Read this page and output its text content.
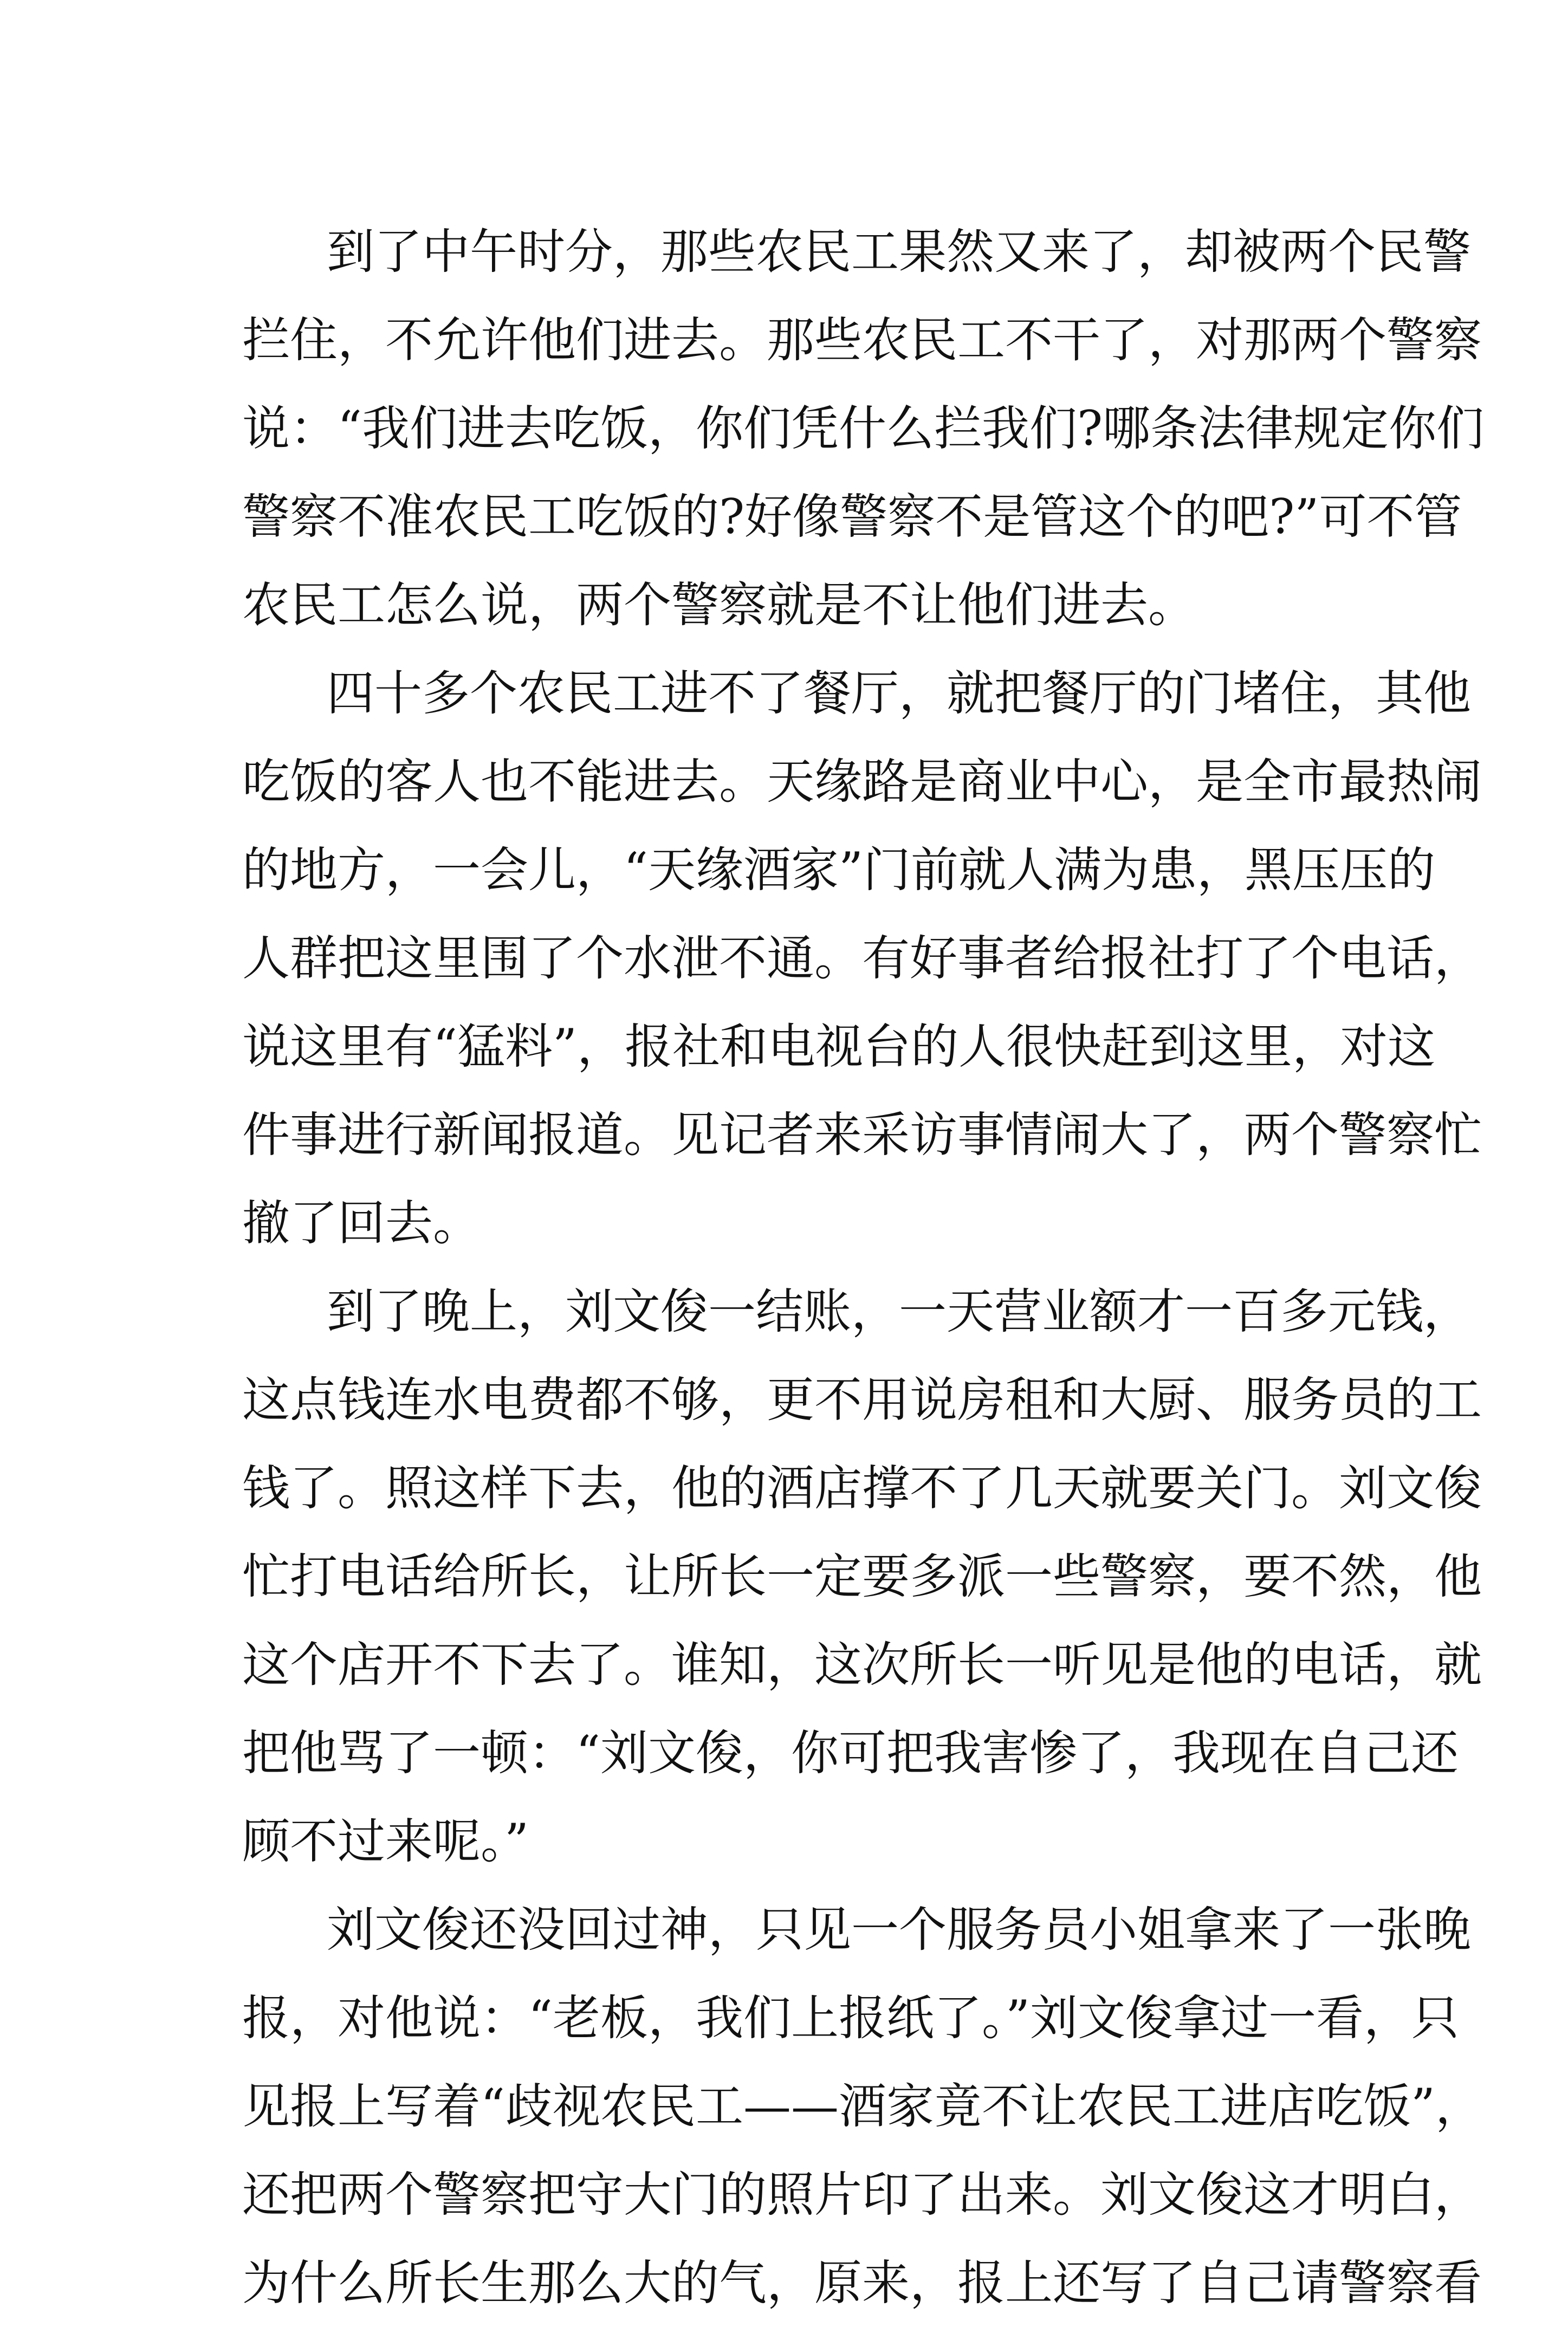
到了中午时分，那些农民工果然又来了，却被两个民警
拦住，不允许他们进去。那些农民工不干了，对那两个警察
说：“我们进去吃饭，你们凭什么拦我们?哪条法律规定你们
警察不准农民工吃饭的?好像警察不是管这个的吧?”可不管
农民工怎么说，两个警察就是不让他们进去。
四十多个农民工进不了餐厅，就把餐厅的门堵住，其他
吃饭的客人也不能进去。天缘路是商业中心，是全市最热闹
的地方，一会儿，“天缘酒家”门前就人满为患，黑压压的
人群把这里围了个水泄不通。有好事者给报社打了个电话，
说这里有“猛料”，报社和电视台的人很快赶到这里，对这
件事进行新闻报道。见记者来采访事情闹大了，两个警察忙
撤了回去。
到了晚上，刘文俊一结账，一天营业额才一百多元钱，
这点钱连水电费都不够，更不用说房租和大厨、服务员的工
钱了。照这样下去，他的酒店撑不了几天就要关门。刘文俊
忙打电话给所长，让所长一定要多派一些警察，要不然，他
这个店开不下去了。谁知，这次所长一听见是他的电话，就
把他骂了一顿：“刘文俊，你可把我害惨了，我现在自己还
顾不过来呢。”
刘文俊还没回过神，只见一个服务员小姐拿来了一张晚
报，对他说：“老板，我们上报纸了。”刘文俊拿过一看，只
见报上写着“歧视农民工——酒家竟不让农民工进店吃饭”，
还把两个警察把守大门的照片印了出来。刘文俊这才明白，
为什么所长生那么大的气，原来，报上还写了自己请警察看
